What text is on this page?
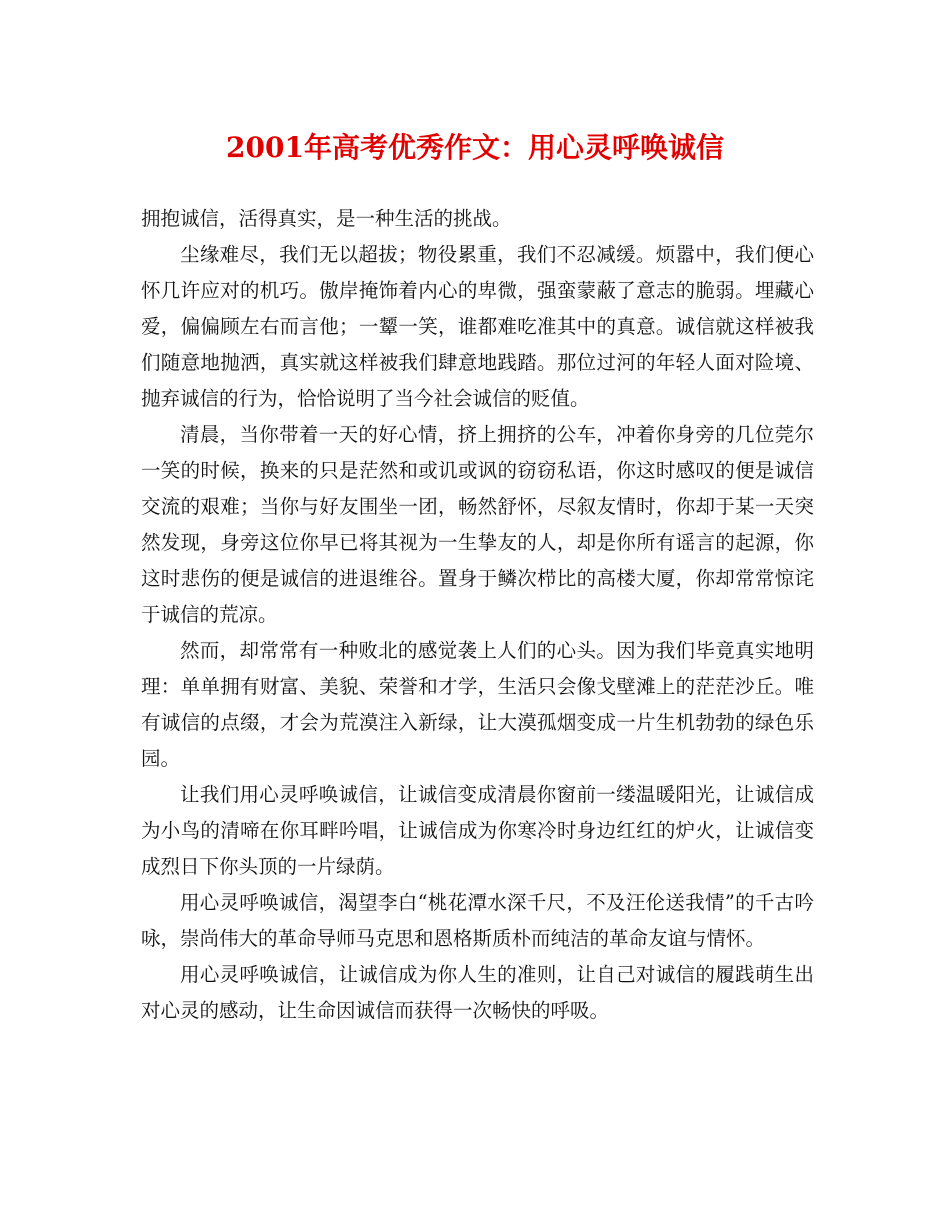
2001年高考优秀作文：用心灵呼唤诚信

拥抱诚信，活得真实，是一种生活的挑战。

尘缘难尽，我们无以超拔；物役累重，我们不忍减缓。烦嚣中，我们便心怀几许应对的机巧。傲岸掩饰着内心的卑微，强蛮蒙蔽了意志的脆弱。埋藏心爱，偏偏顾左右而言他；一颦一笑，谁都难吃准其中的真意。诚信就这样被我们随意地抛洒，真实就这样被我们肆意地践踏。那位过河的年轻人面对险境、抛弃诚信的行为，恰恰说明了当今社会诚信的贬值。

清晨，当你带着一天的好心情，挤上拥挤的公车，冲着你身旁的几位莞尔一笑的时候，换来的只是茫然和或讥或讽的窃窃私语，你这时感叹的便是诚信交流的艰难；当你与好友围坐一团，畅然舒怀，尽叙友情时，你却于某一天突然发现，身旁这位你早已将其视为一生挚友的人，却是你所有谣言的起源，你这时悲伤的便是诚信的进退维谷。置身于鳞次栉比的高楼大厦，你却常常惊诧于诚信的荒凉。

然而，却常常有一种败北的感觉袭上人们的心头。因为我们毕竟真实地明理：单单拥有财富、美貌、荣誉和才学，生活只会像戈壁滩上的茫茫沙丘。唯有诚信的点缀，才会为荒漠注入新绿，让大漠孤烟变成一片生机勃勃的绿色乐园。

让我们用心灵呼唤诚信，让诚信变成清晨你窗前一缕温暖阳光，让诚信成为小鸟的清啼在你耳畔吟唱，让诚信成为你寒冷时身边红红的炉火，让诚信变成烈日下你头顶的一片绿荫。

用心灵呼唤诚信，渴望李白“桃花潭水深千尺，不及汪伦送我情”的千古吟咏，崇尚伟大的革命导师马克思和恩格斯质朴而纯洁的革命友谊与情怀。

用心灵呼唤诚信，让诚信成为你人生的准则，让自己对诚信的履践萌生出对心灵的感动，让生命因诚信而获得一次畅快的呼吸。
